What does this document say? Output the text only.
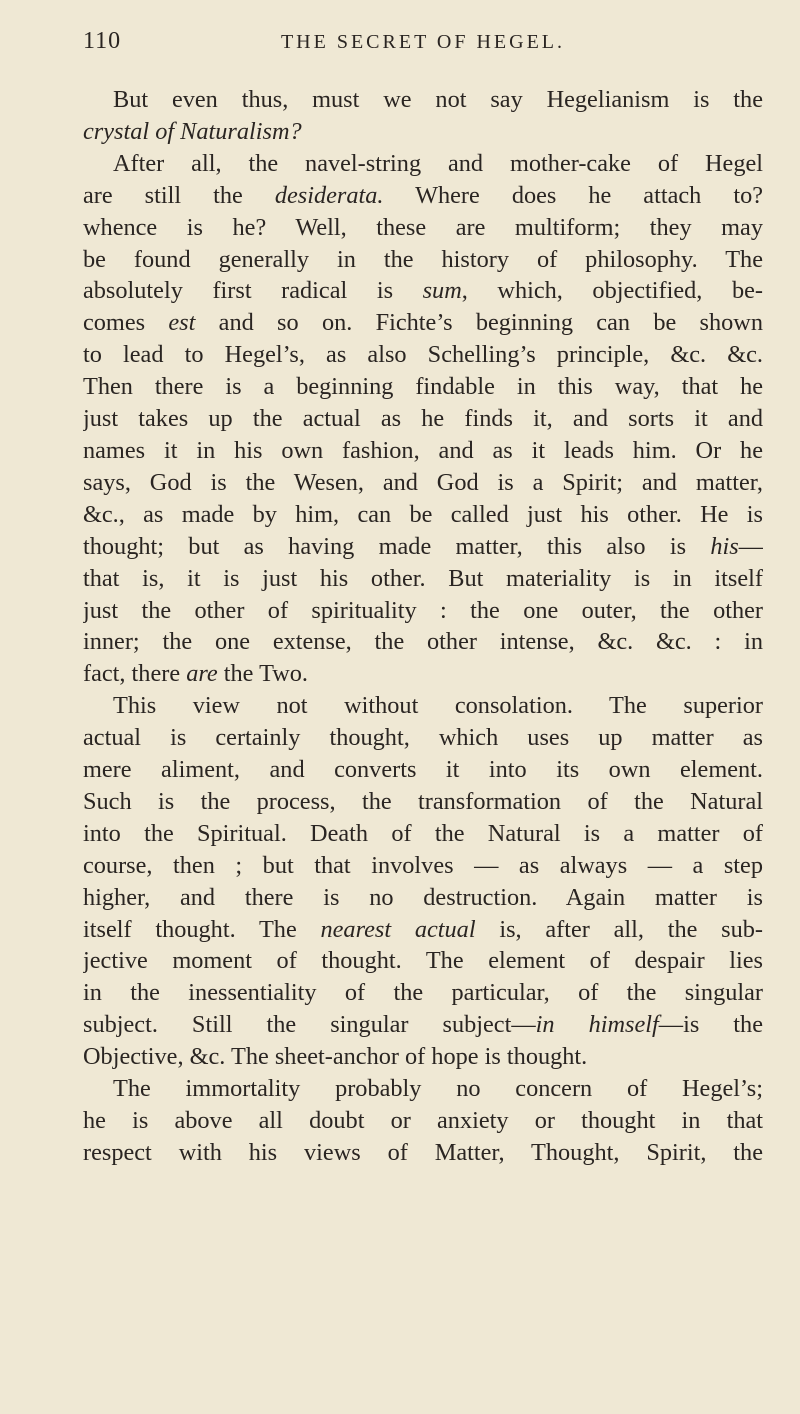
110	THE SECRET OF HEGEL.
But even thus, must we not say Hegelianism is the
crystal of Naturalism?
After all, the navel-string and mother-cake of Hegel
are still the desiderata. Where does he attach to?
whence is he? Well, these are multiform; they may
be found generally in the history of philosophy. The
absolutely first radical is sum, which, objectified, be-
comes est and so on. Fichte’s beginning can be shown
to lead to Hegel’s, as also Schelling’s principle, &c. &c.
Then there is a beginning findable in this way, that he
just takes up the actual as he finds it, and sorts it and
names it in his own fashion, and as it leads him. Or he
says, God is the Wesen, and God is a Spirit; and matter,
&c., as made by him, can be called just his other. He is
thought; but as having made matter, this also is his—
that is, it is just his other. But materiality is in itself
just the other of spirituality : the one outer, the other
inner; the one extense, the other intense, &c. &c. : in
fact, there are the Two.
This view not without consolation. The superior
actual is certainly thought, which uses up matter as
mere aliment, and converts it into its own element.
Such is the process, the transformation of the Natural
into the Spiritual. Death of the Natural is a matter of
course, then ; but that involves — as always — a step
higher, and there is no destruction. Again matter is
itself thought. The nearest actual is, after all, the sub-
jective moment of thought. The element of despair lies
in the inessentiality of the particular, of the singular
subject. Still the singular subject—in himself—is the
Objective, &c. The sheet-anchor of hope is thought.
The immortality probably no concern of Hegel’s;
he is above all doubt or anxiety or thought in that
respect with his views of Matter, Thought, Spirit, the
